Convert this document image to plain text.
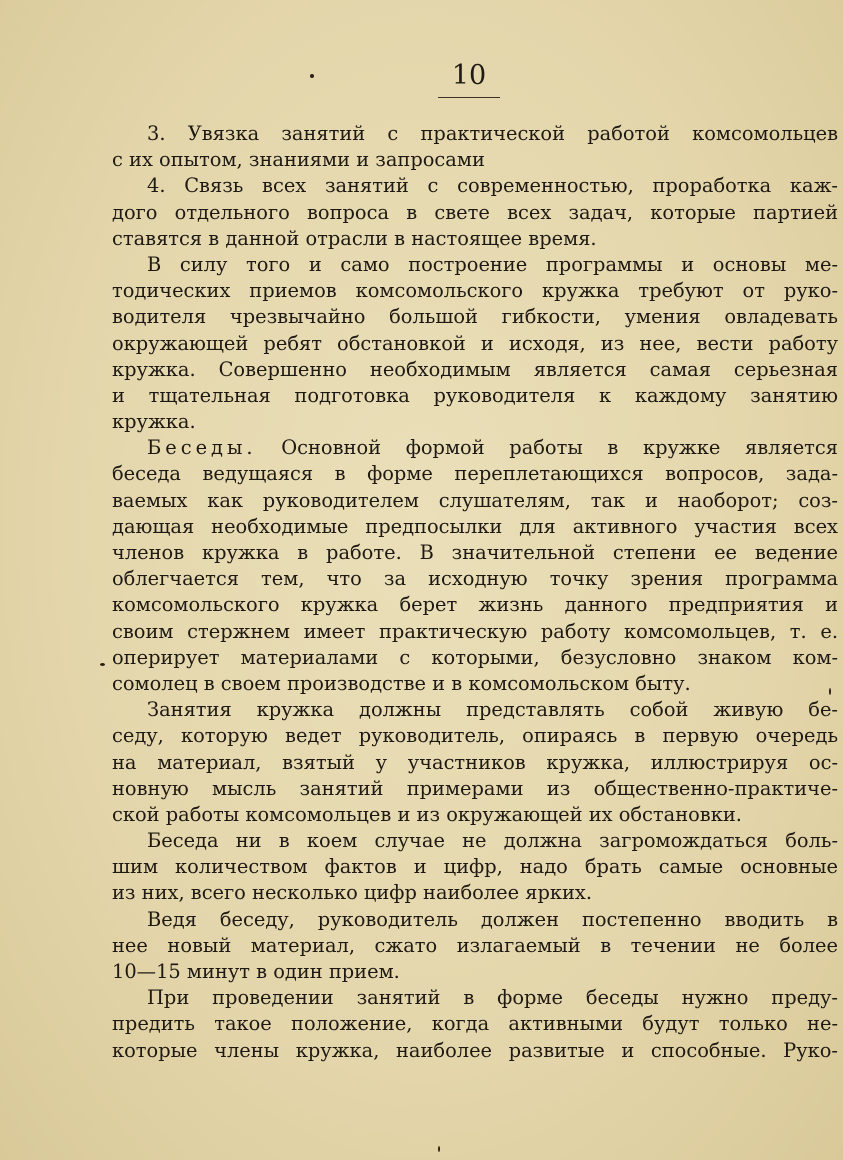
10
3. Увязка занятий с практической работой комсомольцев
с их опытом, знаниями и запросами
4. Связь всех занятий с современностью, проработка каж-
дого отдельного вопроса в свете всех задач, которые партией
ставятся в данной отрасли в настоящее время.
В силу того и само построение программы и основы ме-
тодических приемов комсомольского кружка требуют от руко-
водителя чрезвычайно большой гибкости, умения овладевать
окружающей ребят обстановкой и исходя, из нее, вести работу
кружка. Совершенно необходимым является самая серьезная
и тщательная подготовка руководителя к каждому занятию
кружка.
Беседы. Основной формой работы в кружке является
беседа ведущаяся в форме переплетающихся вопросов, зада-
ваемых как руководителем слушателям, так и наоборот; соз-
дающая необходимые предпосылки для активного участия всех
членов кружка в работе. В значительной степени ее ведение
облегчается тем, что за исходную точку зрения программа
комсомольского кружка берет жизнь данного предприятия и
своим стержнем имеет практическую работу комсомольцев, т. е.
оперирует материалами с которыми, безусловно знаком ком-
сомолец в своем производстве и в комсомольском быту.
Занятия кружка должны представлять собой живую бе-
седу, которую ведет руководитель, опираясь в первую очередь
на материал, взятый у участников кружка, иллюстрируя ос-
новную мысль занятий примерами из общественно-практиче-
ской работы комсомольцев и из окружающей их обстановки.
Беседа ни в коем случае не должна загромождаться боль-
шим количеством фактов и цифр, надо брать самые основные
из них, всего несколько цифр наиболее ярких.
Ведя беседу, руководитель должен постепенно вводить в
нее новый материал, сжато излагаемый в течении не более
10—15 минут в один прием.
При проведении занятий в форме беседы нужно преду-
предить такое положение, когда активными будут только не-
которые члены кружка, наиболее развитые и способные. Руко-
